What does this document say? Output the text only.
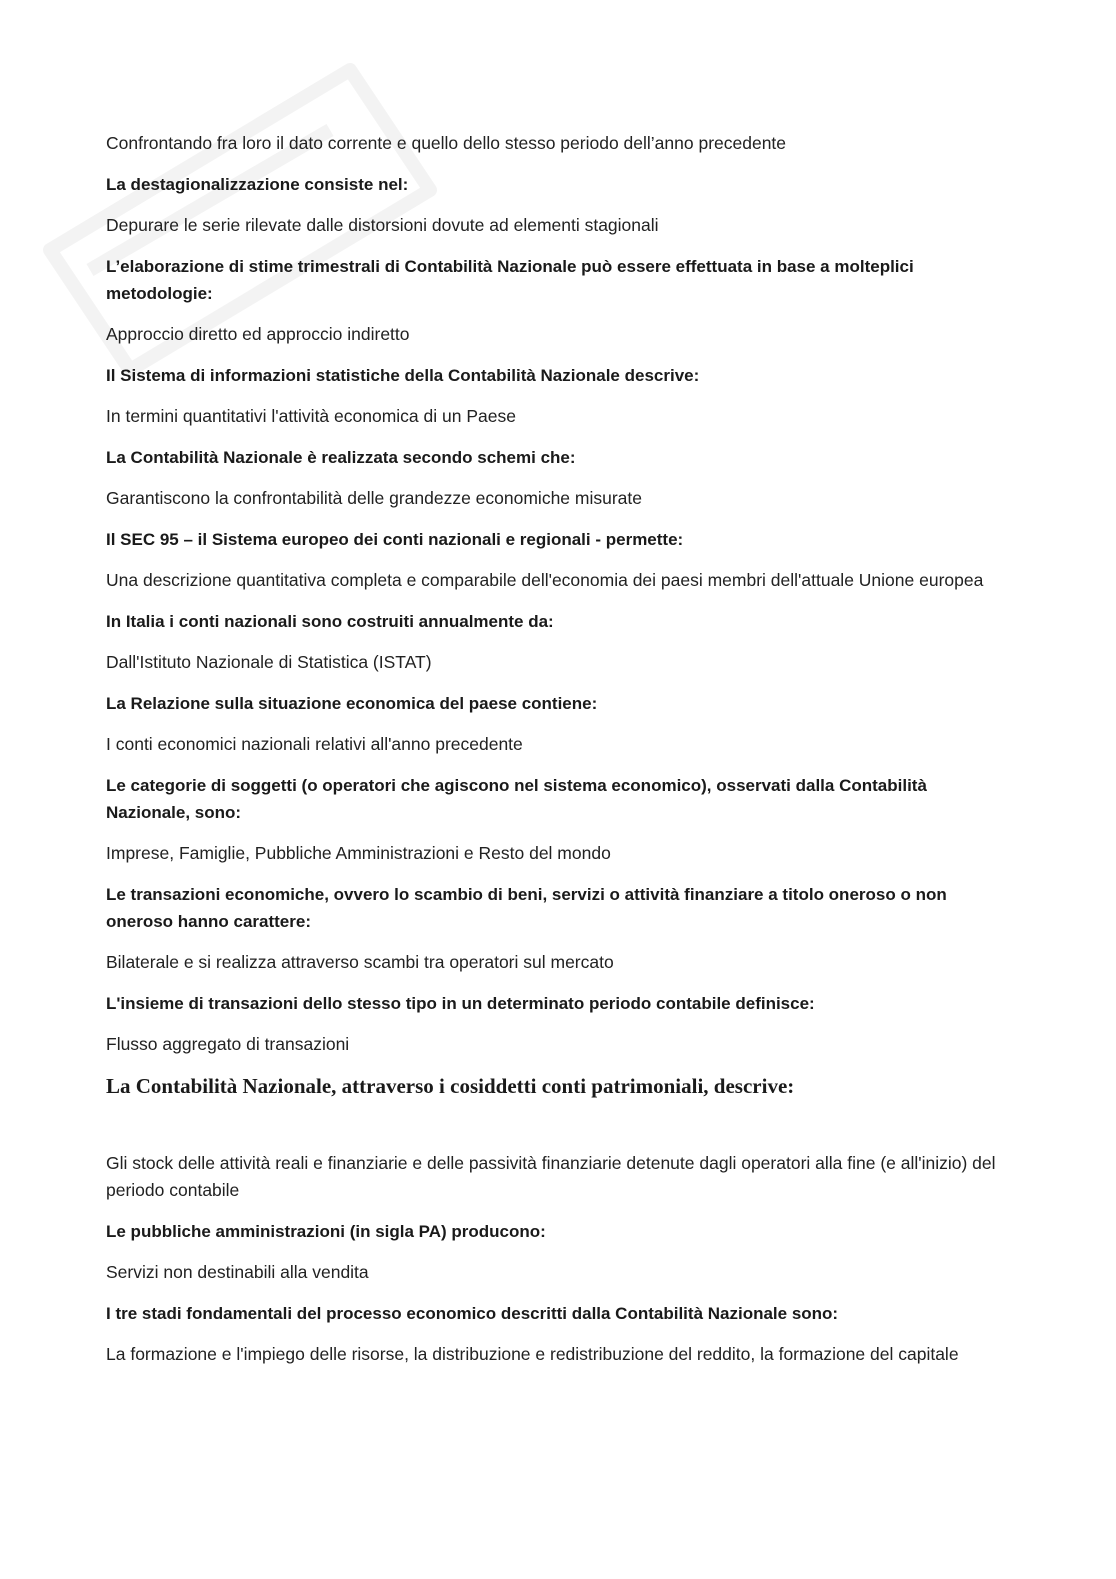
Confrontando fra loro il dato corrente e quello dello stesso periodo dell’anno precedente

La destagionalizzazione consiste nel:

Depurare le serie rilevate dalle distorsioni dovute ad elementi stagionali

L’elaborazione di stime trimestrali di Contabilità Nazionale può essere effettuata in base a molteplici metodologie:

Approccio diretto ed approccio indiretto

Il Sistema di informazioni statistiche della Contabilità Nazionale descrive:

In termini quantitativi l'attività economica di un Paese

La Contabilità Nazionale è realizzata secondo schemi che:

Garantiscono la confrontabilità delle grandezze economiche misurate

Il SEC 95 – il Sistema europeo dei conti nazionali e regionali - permette:

Una descrizione quantitativa completa e comparabile dell'economia dei paesi membri dell'attuale Unione europea

In Italia i conti nazionali sono costruiti annualmente da:

Dall'Istituto Nazionale di Statistica (ISTAT)

La Relazione sulla situazione economica del paese contiene:

I conti economici nazionali relativi all'anno precedente

Le categorie di soggetti (o operatori che agiscono nel sistema economico), osservati dalla Contabilità Nazionale, sono:

Imprese, Famiglie, Pubbliche Amministrazioni e Resto del mondo

Le transazioni economiche, ovvero lo scambio di beni, servizi o attività finanziare a titolo oneroso o non oneroso hanno carattere:

Bilaterale e si realizza attraverso scambi tra operatori sul mercato

L'insieme di transazioni dello stesso tipo in un determinato periodo contabile definisce:

Flusso aggregato di transazioni

La Contabilità Nazionale, attraverso i cosiddetti conti patrimoniali, descrive:

Gli stock delle attività reali e finanziarie e delle passività finanziarie detenute dagli operatori alla fine (e all'inizio) del periodo contabile

Le pubbliche amministrazioni (in sigla PA) producono:

Servizi non destinabili alla vendita

I tre stadi fondamentali del processo economico descritti dalla Contabilità Nazionale sono:

La formazione e l'impiego delle risorse, la distribuzione e redistribuzione del reddito, la formazione del capitale
